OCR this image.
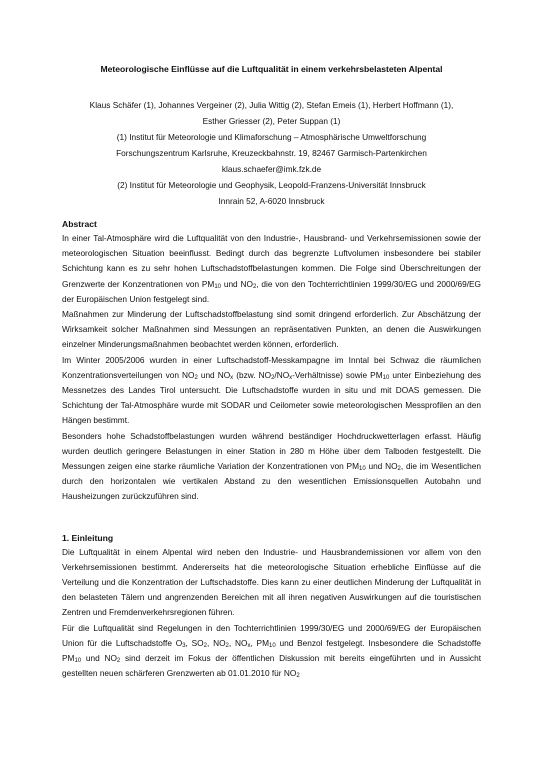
Meteorologische Einflüsse auf die Luftqualität in einem verkehrsbelasteten Alpental
Klaus Schäfer (1), Johannes Vergeiner (2), Julia Wittig (2), Stefan Emeis (1), Herbert Hoffmann (1),
Esther Griesser (2), Peter Suppan (1)
(1) Institut für Meteorologie und Klimaforschung – Atmosphärische Umweltforschung
Forschungszentrum Karlsruhe, Kreuzeckbahnstr. 19, 82467 Garmisch-Partenkirchen
klaus.schaefer@imk.fzk.de
(2) Institut für Meteorologie und Geophysik, Leopold-Franzens-Universität Innsbruck
Innrain 52, A-6020 Innsbruck
Abstract

In einer Tal-Atmosphäre wird die Luftqualität von den Industrie-, Hausbrand- und Verkehrsemissionen sowie der meteorologischen Situation beeinflusst. Bedingt durch das begrenzte Luftvolumen insbesondere bei stabiler Schichtung kann es zu sehr hohen Luftschadstoffbelastungen kommen. Die Folge sind Überschreitungen der Grenzwerte der Konzentrationen von $PM_{10}$ und $NO_2$, die von den Tochterrichtlinien 1999/30/EG und 2000/69/EG der Europäischen Union festgelegt sind.

Maßnahmen zur Minderung der Luftschadstoffbelastung sind somit dringend erforderlich. Zur Abschätzung der Wirksamkeit solcher Maßnahmen sind Messungen an repräsentativen Punkten, an denen die Auswirkungen einzelner Minderungsmaßnahmen beobachtet werden können, erforderlich.

Im Winter 2005/2006 wurden in einer Luftschadstoff-Messkampagne im Inntal bei Schwaz die räumlichen Konzentrationsverteilungen von $NO_2$ und $NO_x$ (bzw. $NO_2/NO_x-Verhältnisse$) sowie $PM_{10}$ unter Einbeziehung des Messnetzes des Landes Tirol untersucht. Die Luftschadstoffe wurden in situ und mit DOAS gemessen. Die Schichtung der Tal-Atmosphäre wurde mit SODAR und Ceilometer sowie meteorologischen Messprofilen an den Hängen bestimmt.

Besonders hohe Schadstoffbelastungen wurden während beständiger Hochdruckwetterlagen erfasst. Häufig wurden deutlich geringere Belastungen in einer Station in 280 m Höhe über dem Talboden festgestellt. Die Messungen zeigen eine starke räumliche Variation der Konzentrationen von $PM_{10}$ und $NO_2$, die im Wesentlichen durch den horizontalen wie vertikalen Abstand zu den wesentlichen Emissionsquellen Autobahn und Hausheizungen zurückzuführen sind.

1. Einleitung

Die Luftqualität in einem Alpental wird neben den Industrie- und Hausbrandemissionen vor allem von den Verkehrsemissionen bestimmt. Andererseits hat die meteorologische Situation erhebliche Einflüsse auf die Verteilung und die Konzentration der Luftschadstoffe. Dies kann zu einer deutlichen Minderung der Luftqualität in den belasteten Tälern und angrenzenden Bereichen mit all ihren negativen Auswirkungen auf die touristischen Zentren und Fremdenverkehrsregionen führen.

Für die Luftqualität sind Regelungen in den Tochterrichtlinien 1999/30/EG und 2000/69/EG der Europäischen Union für die Luftschadstoffe $O_3$, $SO_2$, $NO_2$, $NO_x$, $PM_{10}$ und Benzol festgelegt. Insbesondere die Schadstoffe $PM_{10}$ und $NO_2$ sind derzeit im Fokus der öffentlichen Diskussion mit bereits eingeführten und in Aussicht gestellten neuen schärferen Grenzwerten ab 01.01.2010 für $NO_2$
